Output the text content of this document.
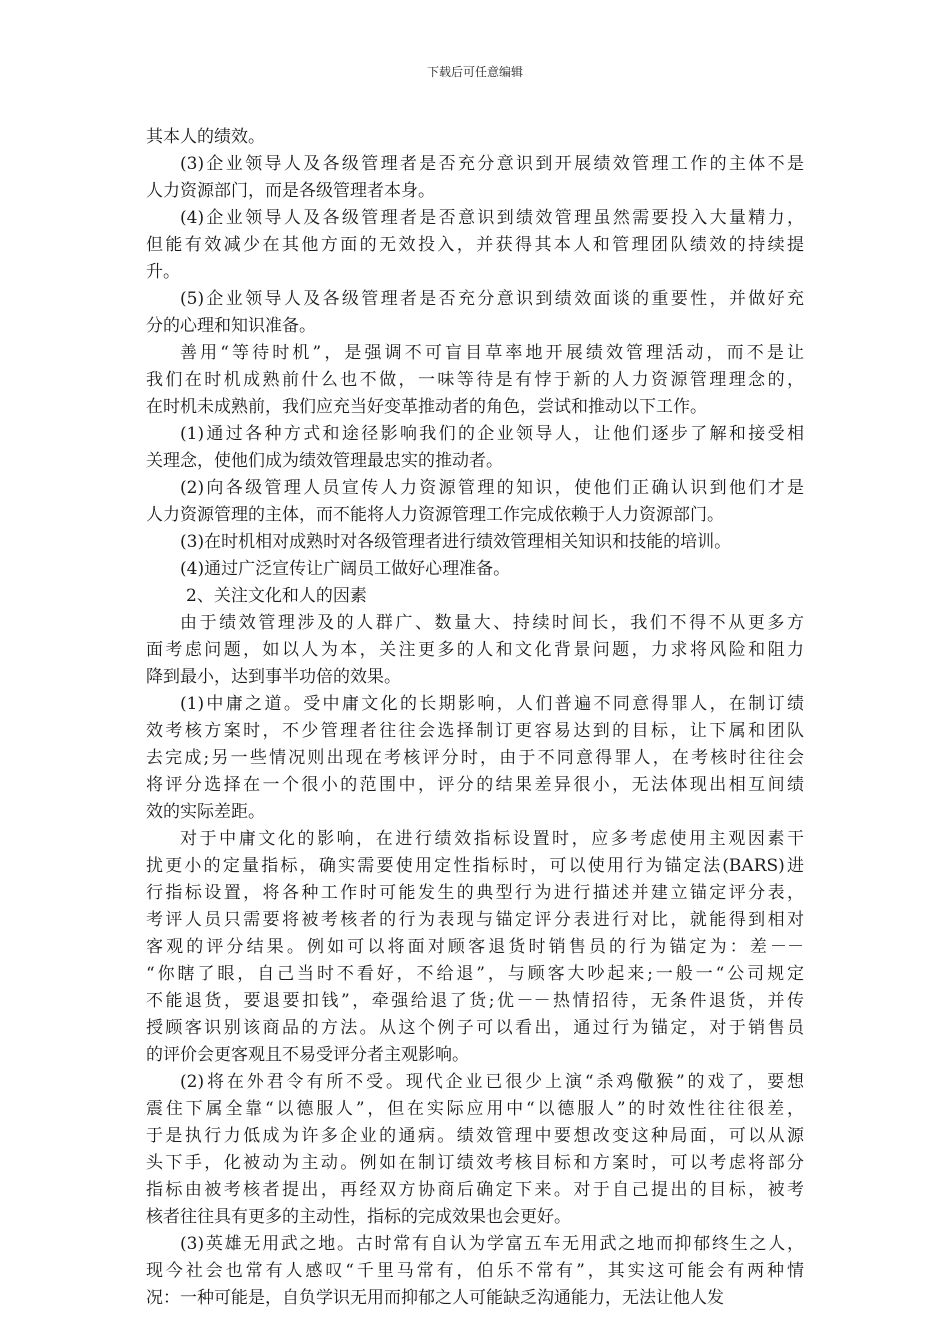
下载后可任意编辑
其本人的绩效。
(3)企业领导人及各级管理者是否充分意识到开展绩效管理工作的主体不是
人力资源部门，而是各级管理者本身。
(4)企业领导人及各级管理者是否意识到绩效管理虽然需要投入大量精力，
但能有效减少在其他方面的无效投入，并获得其本人和管理团队绩效的持续提
升。
(5)企业领导人及各级管理者是否充分意识到绩效面谈的重要性，并做好充
分的心理和知识准备。
善用“等待时机”，是强调不可盲目草率地开展绩效管理活动，而不是让
我们在时机成熟前什么也不做，一味等待是有悖于新的人力资源管理理念的，
在时机未成熟前，我们应充当好变革推动者的角色，尝试和推动以下工作。
(1)通过各种方式和途径影响我们的企业领导人，让他们逐步了解和接受相
关理念，使他们成为绩效管理最忠实的推动者。
(2)向各级管理人员宣传人力资源管理的知识，使他们正确认识到他们才是
人力资源管理的主体，而不能将人力资源管理工作完成依赖于人力资源部门。
(3)在时机相对成熟时对各级管理者进行绩效管理相关知识和技能的培训。
(4)通过广泛宣传让广阔员工做好心理准备。
2、关注文化和人的因素
由于绩效管理涉及的人群广、数量大、持续时间长，我们不得不从更多方
面考虑问题，如以人为本，关注更多的人和文化背景问题，力求将风险和阻力
降到最小，达到事半功倍的效果。
(1)中庸之道。受中庸文化的长期影响，人们普遍不同意得罪人，在制订绩
效考核方案时，不少管理者往往会选择制订更容易达到的目标，让下属和团队
去完成;另一些情况则出现在考核评分时，由于不同意得罪人，在考核时往往会
将评分选择在一个很小的范围中，评分的结果差异很小，无法体现出相互间绩
效的实际差距。
对于中庸文化的影响，在进行绩效指标设置时，应多考虑使用主观因素干
扰更小的定量指标，确实需要使用定性指标时，可以使用行为锚定法(BARS)进
行指标设置，将各种工作时可能发生的典型行为进行描述并建立锚定评分表，
考评人员只需要将被考核者的行为表现与锚定评分表进行对比，就能得到相对
客观的评分结果。例如可以将面对顾客退货时销售员的行为锚定为：差－－
“你瞎了眼，自己当时不看好，不给退”，与顾客大吵起来;一般一“公司规定
不能退货，要退要扣钱”，牵强给退了货;优－－热情招待，无条件退货，并传
授顾客识别该商品的方法。从这个例子可以看出，通过行为锚定，对于销售员
的评价会更客观且不易受评分者主观影响。
(2)将在外君令有所不受。现代企业已很少上演“杀鸡儆猴”的戏了，要想
震住下属全靠“以德服人”，但在实际应用中“以德服人”的时效性往往很差，
于是执行力低成为许多企业的通病。绩效管理中要想改变这种局面，可以从源
头下手，化被动为主动。例如在制订绩效考核目标和方案时，可以考虑将部分
指标由被考核者提出，再经双方协商后确定下来。对于自己提出的目标，被考
核者往往具有更多的主动性，指标的完成效果也会更好。
(3)英雄无用武之地。古时常有自认为学富五车无用武之地而抑郁终生之人，
现今社会也常有人感叹“千里马常有，伯乐不常有”，其实这可能会有两种情
况：一种可能是，自负学识无用而抑郁之人可能缺乏沟通能力，无法让他人发
